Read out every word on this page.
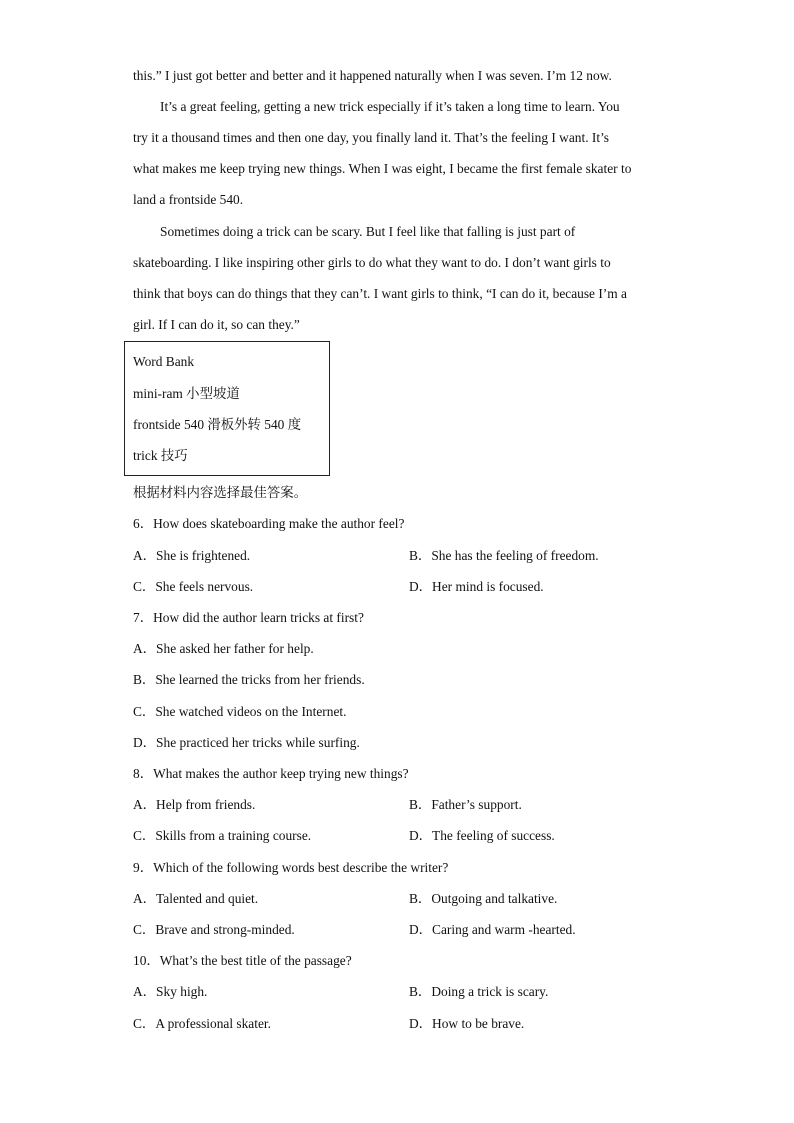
this.” I just got better and better and it happened naturally when I was seven. I’m 12 now.
It’s a great feeling, getting a new trick especially if it’s taken a long time to learn. You
try it a thousand times and then one day, you finally land it. That’s the feeling I want. It’s
what makes me keep trying new things. When I was eight, I became the first female skater to
land a frontside 540.
Sometimes doing a trick can be scary. But I feel like that falling is just part of
skateboarding. I like inspiring other girls to do what they want to do. I don’t want girls to
think that boys can do things that they can’t. I want girls to think, “I can do it, because I’m a
girl. If I can do it, so can they.”
Word Bank
mini-ram 小型坡道
frontside 540 滑板外转 540 度
trick 技巧
根据材料内容选择最佳答案。
6．How does skateboarding make the author feel?
A．She is frightened.	B．She has the feeling of freedom.
C．She feels nervous.	D．Her mind is focused.
7．How did the author learn tricks at first?
A．She asked her father for help.
B．She learned the tricks from her friends.
C．She watched videos on the Internet.
D．She practiced her tricks while surfing.
8．What makes the author keep trying new things?
A．Help from friends.	B．Father’s support.
C．Skills from a training course.	D．The feeling of success.
9．Which of the following words best describe the writer?
A．Talented and quiet.	B．Outgoing and talkative.
C．Brave and strong-minded.	D．Caring and warm -hearted.
10．What’s the best title of the passage?
A．Sky high.	B．Doing a trick is scary.
C．A professional skater.	D．How to be brave.
